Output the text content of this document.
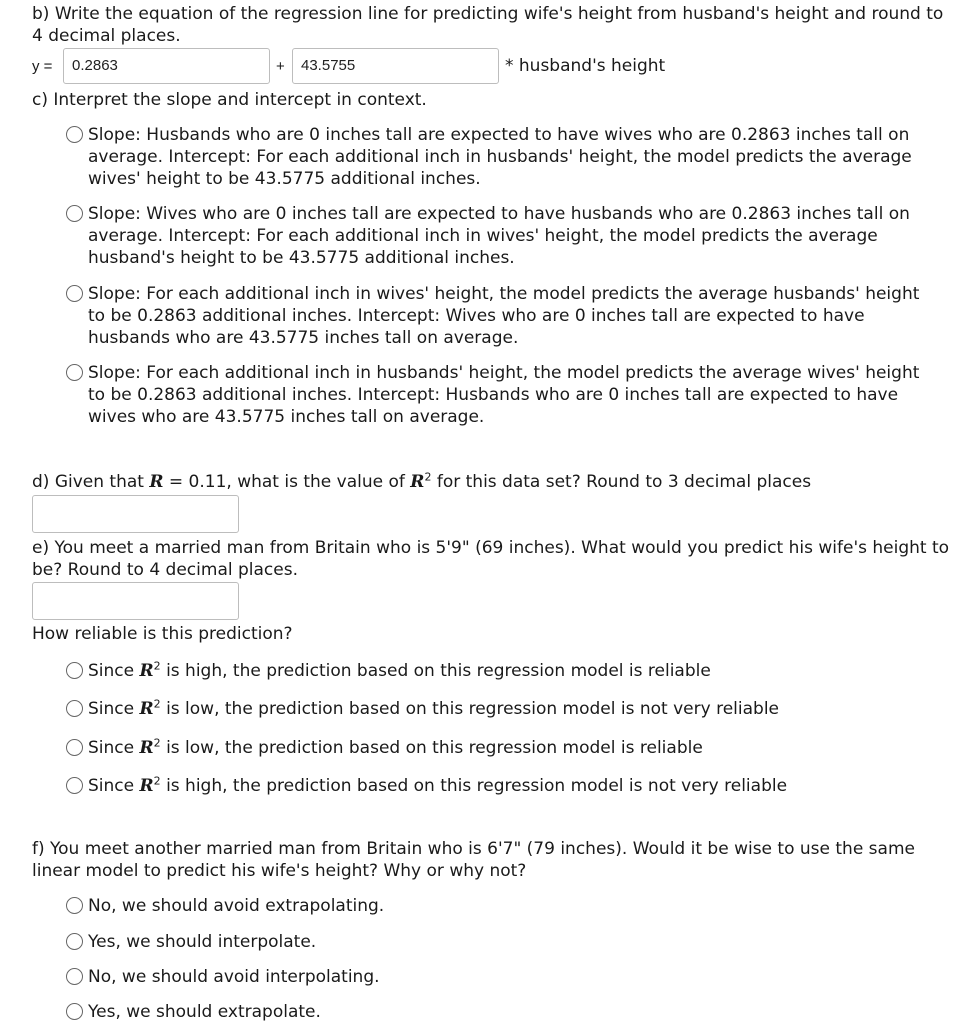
b) Write the equation of the regression line for predicting wife's height from husband's height and round to
4 decimal places.
y =	0.2863	+	43.5755	* husband's height
c) Interpret the slope and intercept in context.
Slope: Husbands who are 0 inches tall are expected to have wives who are 0.2863 inches tall on average. Intercept: For each additional inch in husbands' height, the model predicts the average wives' height to be 43.5775 additional inches.
Slope: Wives who are 0 inches tall are expected to have husbands who are 0.2863 inches tall on average. Intercept: For each additional inch in wives' height, the model predicts the average husband's height to be 43.5775 additional inches.
Slope: For each additional inch in wives' height, the model predicts the average husbands' height to be 0.2863 additional inches. Intercept: Wives who are 0 inches tall are expected to have husbands who are 43.5775 inches tall on average.
Slope: For each additional inch in husbands' height, the model predicts the average wives' height to be 0.2863 additional inches. Intercept: Husbands who are 0 inches tall are expected to have wives who are 43.5775 inches tall on average.
d) Given that R = 0.11, what is the value of $R^2$ for this data set? Round to 3 decimal places
e) You meet a married man from Britain who is 5'9" (69 inches). What would you predict his wife's height to
be? Round to 4 decimal places.
How reliable is this prediction?
Since $R^2$ is high, the prediction based on this regression model is reliable
Since $R^2$ is low, the prediction based on this regression model is not very reliable
Since $R^2$ is low, the prediction based on this regression model is reliable
Since $R^2$ is high, the prediction based on this regression model is not very reliable
f) You meet another married man from Britain who is 6'7" (79 inches). Would it be wise to use the same
linear model to predict his wife's height? Why or why not?
No, we should avoid extrapolating.
Yes, we should interpolate.
No, we should avoid interpolating.
Yes, we should extrapolate.
